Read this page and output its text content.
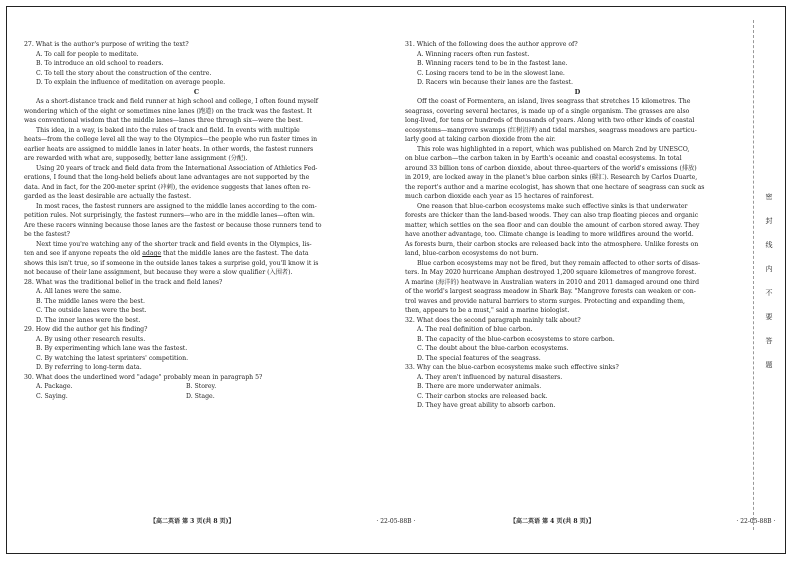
27. What is the author's purpose of writing the text?
A. To call for people to meditate.
B. To introduce an old school to readers.
C. To tell the story about the construction of the centre.
D. To explain the influence of meditation on average people.
C
As a short-distance track and field runner at high school and college, I often found myself
wondering which of the eight or sometimes nine lanes (跑道) on the track was the fastest. It
was conventional wisdom that the middle lanes—lanes three through six—were the best.
This idea, in a way, is baked into the rules of track and field. In events with multiple
heats—from the college level all the way to the Olympics—the people who run faster times in
earlier heats are assigned to middle lanes in later heats. In other words, the fastest runners
are rewarded with what are, supposedly, better lane assignment (分配).
Using 20 years of track and field data from the International Association of Athletics Fed-
erations, I found that the long-held beliefs about lane advantages are not supported by the
data. And in fact, for the 200-meter sprint (冲刺), the evidence suggests that lanes often re-
garded as the least desirable are actually the fastest.
In most races, the fastest runners are assigned to the middle lanes according to the com-
petition rules. Not surprisingly, the fastest runners—who are in the middle lanes—often win.
Are these racers winning because those lanes are the fastest or because those runners tend to
be the fastest?
Next time you're watching any of the shorter track and field events in the Olympics, lis-
ten and see if anyone repeats the old adage that the middle lanes are the fastest. The data
shows this isn't true, so if someone in the outside lanes takes a surprise gold, you'll know it is
not because of their lane assignment, but because they were a slow qualifier (入围者).
28. What was the traditional belief in the track and field lanes?
A. All lanes were the same.
B. The middle lanes were the best.
C. The outside lanes were the best.
D. The inner lanes were the best.
29. How did the author get his finding?
A. By using other research results.
B. By experimenting which lane was the fastest.
C. By watching the latest sprinters' competition.
D. By referring to long-term data.
30. What does the underlined word "adage" probably mean in paragraph 5?
A. Package.	B. Storey.
C. Saying.	D. Stage.
31. Which of the following does the author approve of?
A. Winning racers often run fastest.
B. Winning racers tend to be in the fastest lane.
C. Losing racers tend to be in the slowest lane.
D. Racers win because their lanes are the fastest.
D
Off the coast of Formentera, an island, lives seagrass that stretches 15 kilometres. The
seagrass, covering several hectares, is made up of a single organism. The grasses are also
long-lived, for tens or hundreds of thousands of years. Along with two other kinds of coastal
ecosystems—mangrove swamps (红树沼泽) and tidal marshes, seagrass meadows are particu-
larly good at taking carbon dioxide from the air.
This role was highlighted in a report, which was published on March 2nd by UNESCO,
on blue carbon—the carbon taken in by Earth's oceanic and coastal ecosystems. In total
around 33 billion tons of carbon dioxide, about three-quarters of the world's emissions (排放)
in 2019, are locked away in the planet's blue carbon sinks (碳汇). Research by Carlos Duarte,
the report's author and a marine ecologist, has shown that one hectare of seagrass can suck as
much carbon dioxide each year as 15 hectares of rainforest.
One reason that blue-carbon ecosystems make such effective sinks is that underwater
forests are thicker than the land-based woods. They can also trap floating pieces and organic
matter, which settles on the sea floor and can double the amount of carbon stored away. They
have another advantage, too. Climate change is leading to more wildfires around the world.
As forests burn, their carbon stocks are released back into the atmosphere. Unlike forests on
land, blue-carbon ecosystems do not burn.
Blue carbon ecosystems may not be fired, but they remain affected to other sorts of disas-
ters. In May 2020 hurricane Amphan destroyed 1,200 square kilometres of mangrove forest.
A marine (海洋的) heatwave in Australian waters in 2010 and 2011 damaged around one third
of the world's largest seagrass meadow in Shark Bay. "Mangrove forests can weaken or con-
trol waves and provide natural barriers to storm surges. Protecting and expanding them,
then, appears to be a must," said a marine biologist.
32. What does the second paragraph mainly talk about?
A. The real definition of blue carbon.
B. The capacity of the blue-carbon ecosystems to store carbon.
C. The doubt about the blue-carbon ecosystems.
D. The special features of the seagrass.
33. Why can the blue-carbon ecosystems make such effective sinks?
A. They aren't influenced by natural disasters.
B. There are more underwater animals.
C. Their carbon stocks are released back.
D. They have great ability to absorb carbon.
【高二英语 第 3 页(共 8 页)】	· 22-05-88B ·	【高二英语 第 4 页(共 8 页)】	· 22-05-88B ·
密
封
线
内
不
要
答
题
